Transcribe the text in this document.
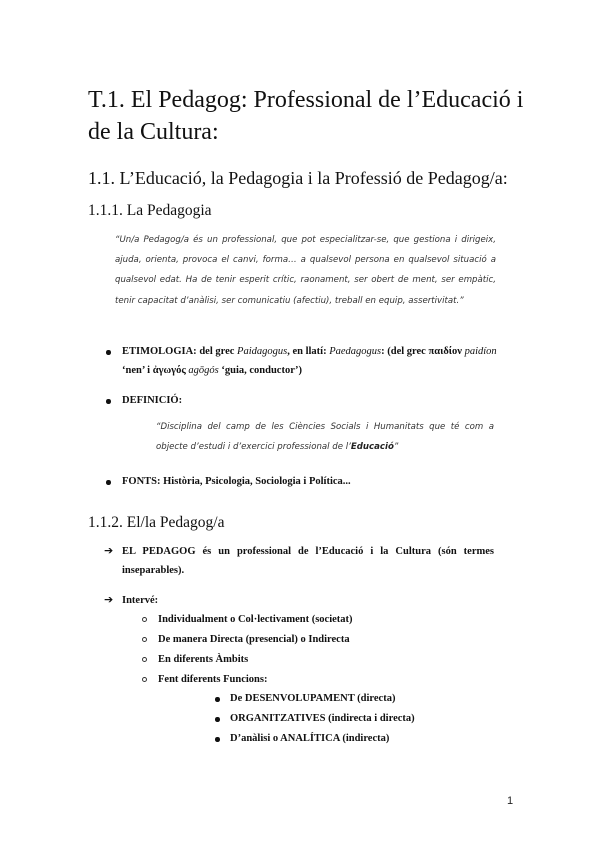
T.1. El Pedagog: Professional de l’Educació i de la Cultura:
1.1. L’Educació, la Pedagogia i la Professió de Pedagog/a:
1.1.1. La Pedagogia
“Un/a Pedagog/a és un professional, que pot especialitzar-se, que gestiona i dirigeix, ajuda, orienta, provoca el canvi, forma… a qualsevol persona en qualsevol situació a qualsevol edat. Ha de tenir esperit crític, raonament, ser obert de ment, ser empàtic, tenir capacitat d’anàlisi, ser comunicatiu (afectiu), treball en equip, assertivitat.”
ETIMOLOGIA: del grec Paidagogus, en llatí: Paedagogus: (del grec παιδίον paidíon
‘nen’ i ἀγωγός agōgós ‘guia, conductor’)
DEFINICIÓ:
“Disciplina del camp de les Ciències Socials i Humanitats que té com a objecte d’estudi i d’exercici professional de l’Educació”
FONTS: Història, Psicologia, Sociologia i Política...
1.1.2. El/la Pedagog/a
➔ EL PEDAGOG és un professional de l’Educació i la Cultura (són termes
inseparables).
➔ Intervé:
Individualment o Col·lectivament (societat)
De manera Directa (presencial) o Indirecta
En diferents Àmbits
Fent diferents Funcions:
De DESENVOLUPAMENT (directa)
ORGANITZATIVES (indirecta i directa)
D’anàlisi o ANALÍTICA (indirecta)
1
